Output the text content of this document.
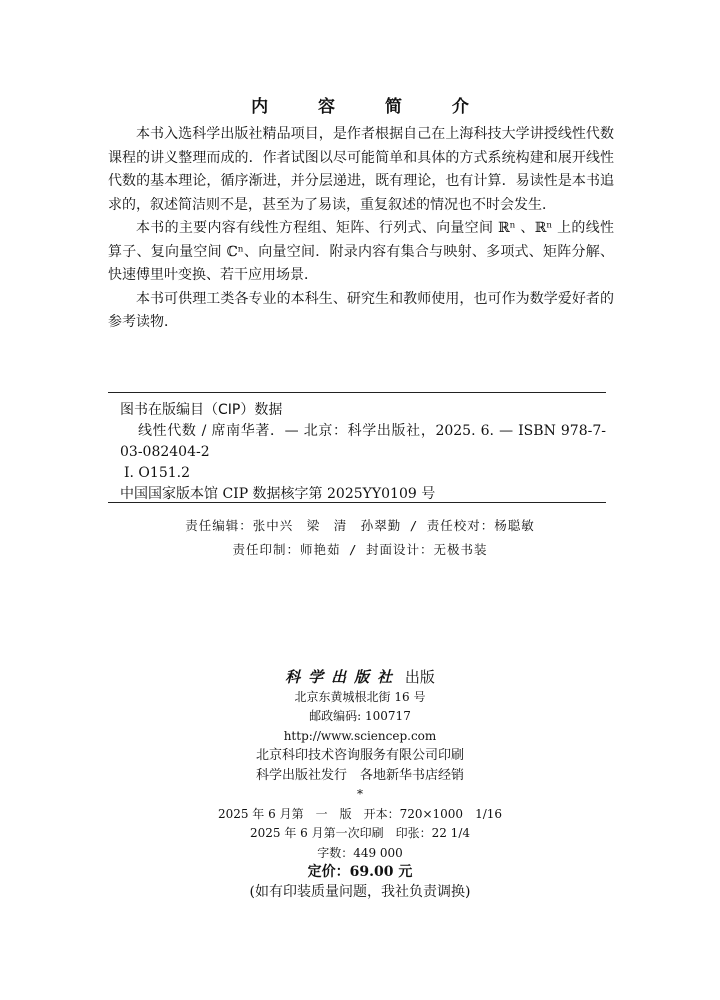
内 容 简 介

本书入选科学出版社精品项目，是作者根据自己在上海科技大学讲授线性代数课程的讲义整理而成的．作者试图以尽可能简单和具体的方式系统构建和展开线性代数的基本理论，循序渐进，并分层递进，既有理论，也有计算．易读性是本书追求的，叙述简洁则不是，甚至为了易读，重复叙述的情况也不时会发生．

本书的主要内容有线性方程组、矩阵、行列式、向量空间 ℝⁿ 、ℝⁿ 上的线性算子、复向量空间 ℂⁿ、向量空间．附录内容有集合与映射、多项式、矩阵分解、快速傅里叶变换、若干应用场景．

本书可供理工类各专业的本科生、研究生和教师使用，也可作为数学爱好者的参考读物．

图书在版编目（CIP）数据
线性代数 / 席南华著．— 北京：科学出版社，2025. 6. — ISBN 978-7-03-082404-2
Ⅰ. O151.2
中国国家版本馆 CIP 数据核字第 2025YY0109 号
责任编辑：张中兴　梁　清　孙翠勤 / 责任校对：杨聪敏
责任印制：师艳茹 / 封面设计：无极书装
科学出版社 出版
北京东黄城根北街 16 号
邮政编码: 100717
http://www.sciencep.com
北京科印技术咨询服务有限公司印刷
科学出版社发行　各地新华书店经销
*
2025 年 6 月第　一　版　开本：720×1000　1/16
2025 年 6 月第一次印刷　印张：22 1/4
字数：449 000
定价：69.00 元
(如有印装质量问题，我社负责调换)
